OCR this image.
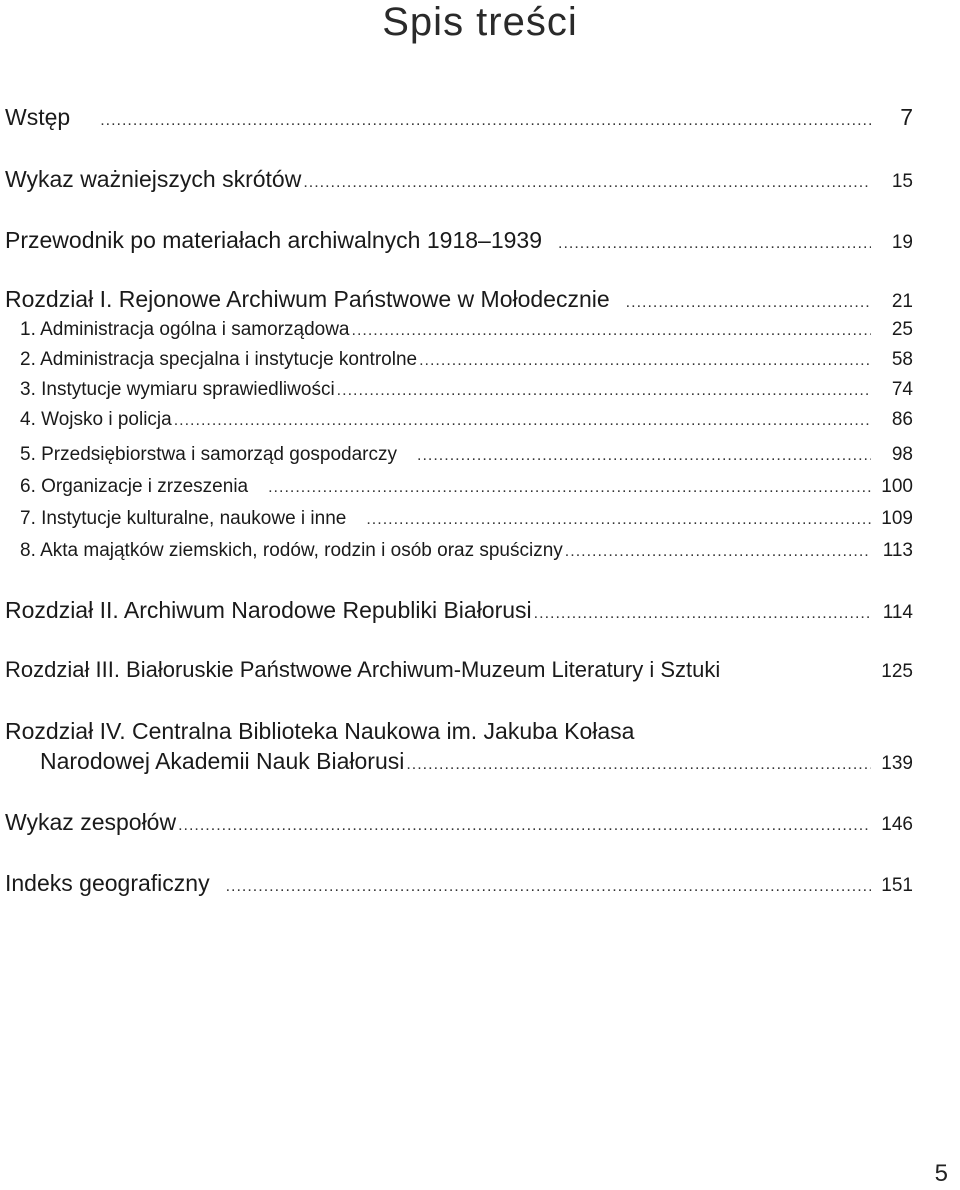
Spis treści
Wstęp .....	7
Wykaz ważniejszych skrótów .....	15
Przewodnik po materiałach archiwalnych 1918–1939 .....	19
Rozdział I. Rejonowe Archiwum Państwowe w Mołodecznie .....	21
1. Administracja ogólna i samorządowa .....	25
2. Administracja specjalna i instytucje kontrolne .....	58
3. Instytucje wymiaru sprawiedliwości .....	74
4. Wojsko i policja .....	86
5. Przedsiębiorstwa i samorząd gospodarczy .....	98
6. Organizacje i zrzeszenia .....	100
7. Instytucje kulturalne, naukowe i inne .....	109
8. Akta majątków ziemskich, rodów, rodzin i osób oraz spuścizny .....	113
Rozdział II. Archiwum Narodowe Republiki Białorusi .....	114
Rozdział III. Białoruskie Państwowe Archiwum-Muzeum Literatury i Sztuki	125
Rozdział IV. Centralna Biblioteka Naukowa im. Jakuba Kołasa
Narodowej Akademii Nauk Białorusi .....	139
Wykaz zespołów .....	146
Indeks geograficzny .....	151
5
